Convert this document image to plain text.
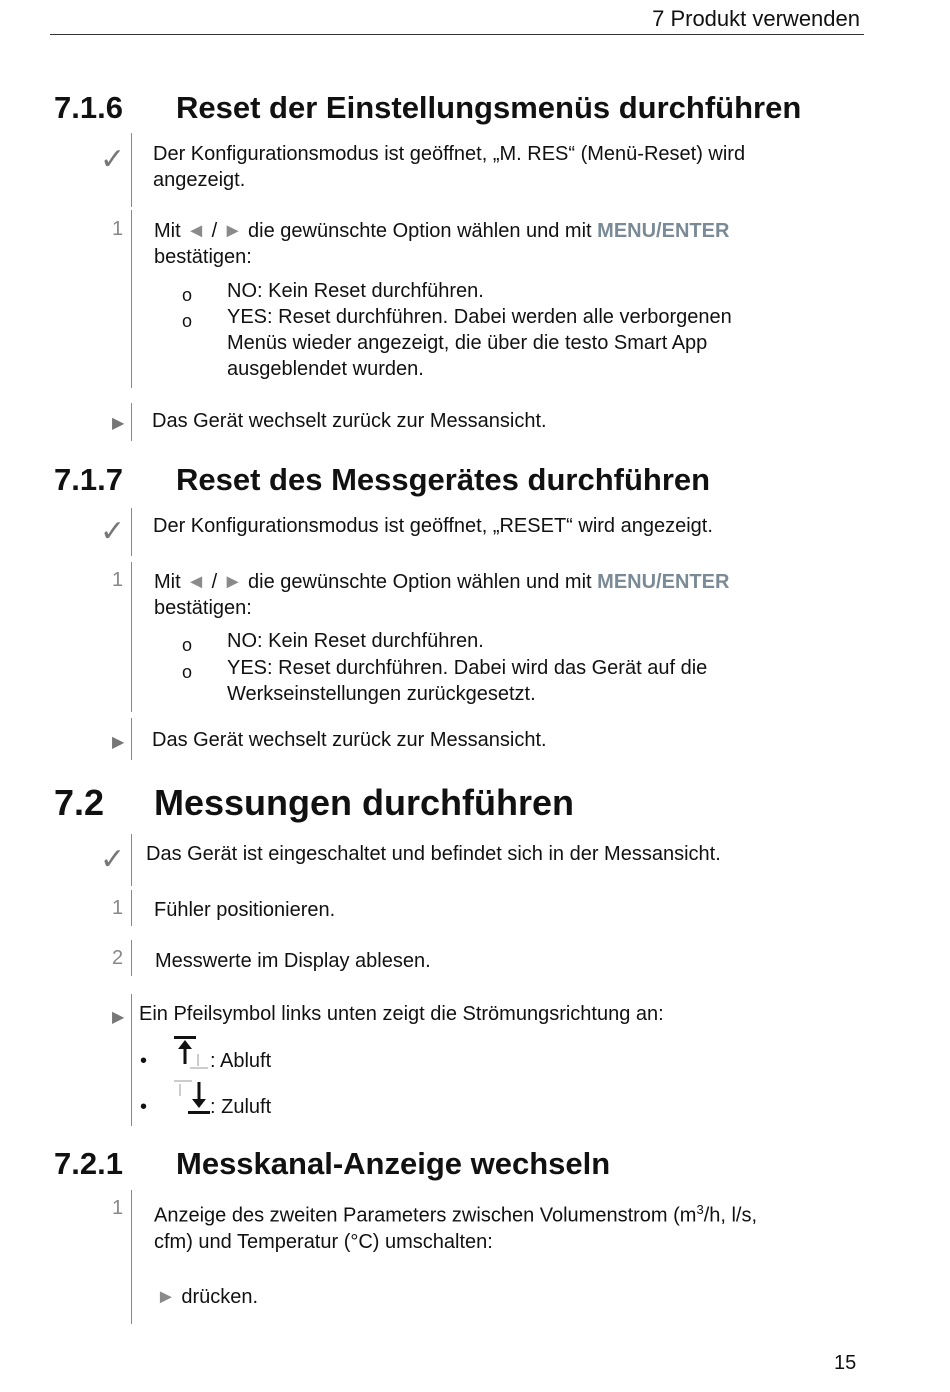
7 Produkt verwenden
7.1.6 Reset der Einstellungsmenüs durchführen
✓ Der Konfigurationsmodus ist geöffnet, „M. RES“ (Menü-Reset) wird
angezeigt.
1 Mit ◄ / ► die gewünschte Option wählen und mit MENU/ENTER
bestätigen:
o NO: Kein Reset durchführen.
o YES: Reset durchführen. Dabei werden alle verborgenen
Menüs wieder angezeigt, die über die testo Smart App
ausgeblendet wurden.
▶ Das Gerät wechselt zurück zur Messansicht.
7.1.7 Reset des Messgerätes durchführen
✓ Der Konfigurationsmodus ist geöffnet, „RESET“ wird angezeigt.
1 Mit ◄ / ► die gewünschte Option wählen und mit MENU/ENTER
bestätigen:
o NO: Kein Reset durchführen.
o YES: Reset durchführen. Dabei wird das Gerät auf die
Werkseinstellungen zurückgesetzt.
▶ Das Gerät wechselt zurück zur Messansicht.
7.2 Messungen durchführen
✓ Das Gerät ist eingeschaltet und befindet sich in der Messansicht.
1 Fühler positionieren.
2 Messwerte im Display ablesen.
▶ Ein Pfeilsymbol links unten zeigt die Strömungsrichtung an:
•	: Abluft
•	: Zuluft
7.2.1 Messkanal-Anzeige wechseln
1 Anzeige des zweiten Parameters zwischen Volumenstrom ($m^3/h$, l/s,
cfm) und Temperatur (°C) umschalten:
► drücken.
15
